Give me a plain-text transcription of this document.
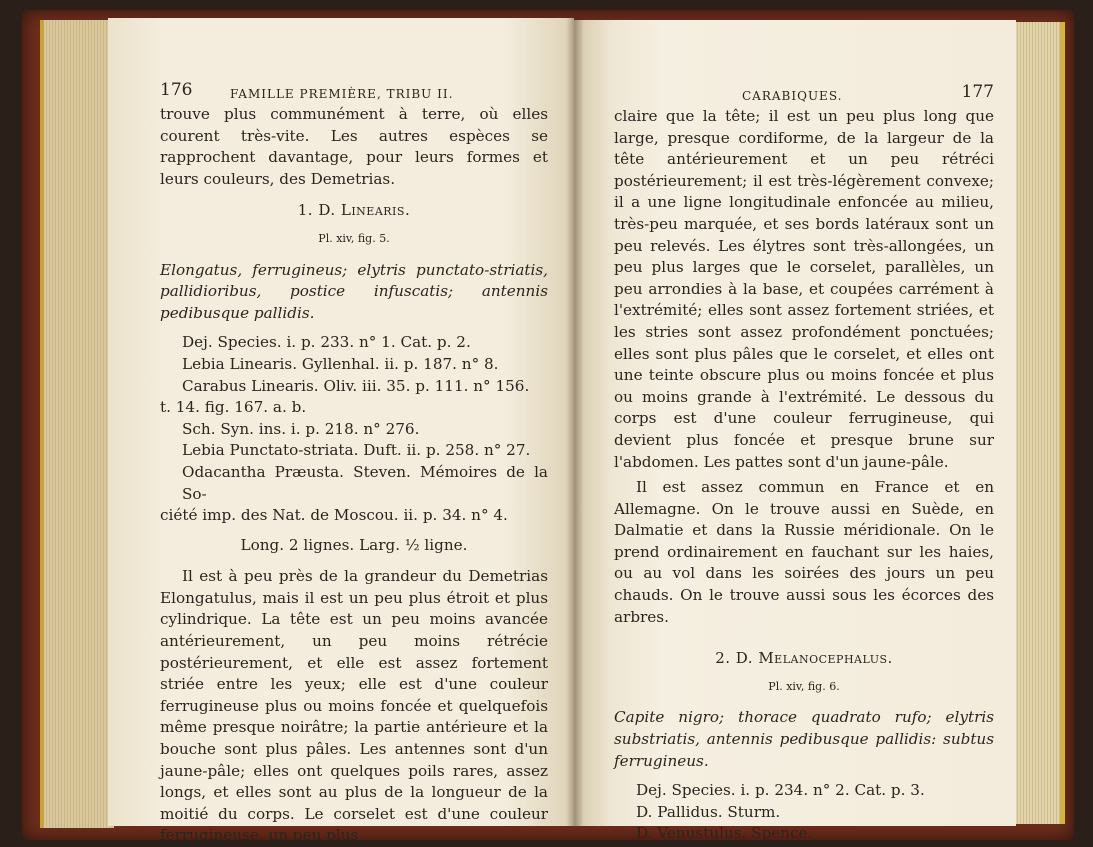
176	FAMILLE PREMIÈRE, TRIBU II.

trouve plus communément à terre, où elles courent très-vite. Les autres espèces se rapprochent davantage, pour leurs formes et leurs couleurs, des Demetrias.

1. D. Linearis.
Pl. xiv, fig. 5.

Elongatus, ferrugineus; elytris punctato-striatis, pallidioribus, postice infuscatis; antennis pedibusque pallidis.

Dej. Species. i. p. 233. n° 1. Cat. p. 2.

Lebia Linearis. Gyllenhal. ii. p. 187. n° 8.

Carabus Linearis. Oliv. iii. 35. p. 111. n° 156.

t. 14. fig. 167. a. b.

Sch. Syn. ins. i. p. 218. n° 276.

Lebia Punctato-striata. Duft. ii. p. 258. n° 27.

Odacantha Præusta. Steven. Mémoires de la So-

ciété imp. des Nat. de Moscou. ii. p. 34. n° 4.

Long. 2 lignes. Larg. ½ ligne.

Il est à peu près de la grandeur du Demetrias Elongatulus, mais il est un peu plus étroit et plus cylindrique. La tête est un peu moins avancée antérieurement, un peu moins rétrécie postérieurement, et elle est assez fortement striée entre les yeux; elle est d'une couleur ferrugineuse plus ou moins foncée et quelquefois même presque noirâtre; la partie antérieure et la bouche sont plus pâles. Les antennes sont d'un jaune-pâle; elles ont quelques poils rares, assez longs, et elles sont au plus de la longueur de la moitié du corps. Le corselet est d'une couleur ferrugineuse, un peu plus

CARABIQUES.	177

claire que la tête; il est un peu plus long que large, presque cordiforme, de la largeur de la tête antérieurement et un peu rétréci postérieurement; il est très-légèrement convexe; il a une ligne longitudinale enfoncée au milieu, très-peu marquée, et ses bords latéraux sont un peu relevés. Les élytres sont très-allongées, un peu plus larges que le corselet, parallèles, un peu arrondies à la base, et coupées carrément à l'extrémité; elles sont assez fortement striées, et les stries sont assez profondément ponctuées; elles sont plus pâles que le corselet, et elles ont une teinte obscure plus ou moins foncée et plus ou moins grande à l'extrémité. Le dessous du corps est d'une couleur ferrugineuse, qui devient plus foncée et presque brune sur l'abdomen. Les pattes sont d'un jaune-pâle.

Il est assez commun en France et en Allemagne. On le trouve aussi en Suède, en Dalmatie et dans la Russie méridionale. On le prend ordinairement en fauchant sur les haies, ou au vol dans les soirées des jours un peu chauds. On le trouve aussi sous les écorces des arbres.

2. D. Melanocephalus.
Pl. xiv, fig. 6.

Capite nigro; thorace quadrato rufo; elytris substriatis, antennis pedibusque pallidis: subtus ferrugineus.

Dej. Species. i. p. 234. n° 2. Cat. p. 3.

D. Pallidus. Sturm.

D. Venustulus. Spence.
